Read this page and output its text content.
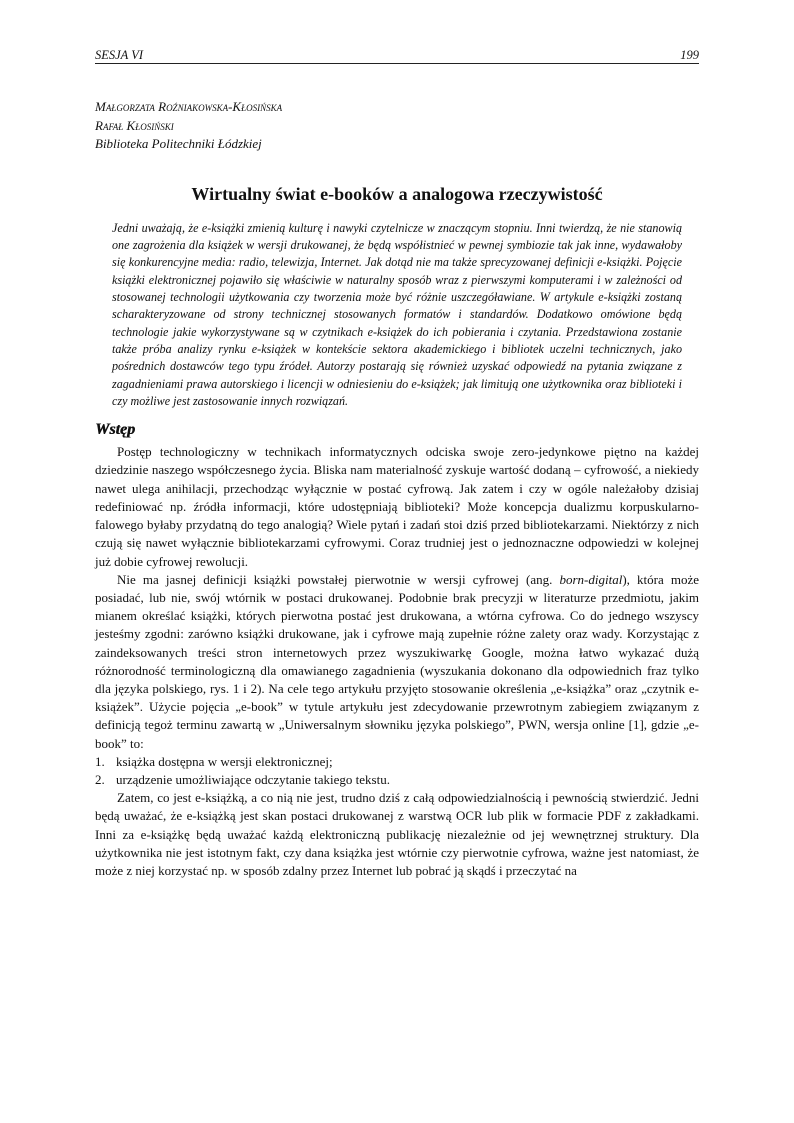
SESJA VI	199
Małgorzata Roźniakowska-Kłosińska
Rafał Kłosiński
Biblioteka Politechniki Łódzkiej
Wirtualny świat e-booków a analogowa rzeczywistość
Jedni uważają, że e-książki zmienią kulturę i nawyki czytelnicze w znaczącym stopniu. Inni twierdzą, że nie stanowią one zagrożenia dla książek w wersji drukowanej, że będą współistnieć w pewnej symbiozie tak jak inne, wydawałoby się konkurencyjne media: radio, telewizja, Internet. Jak dotąd nie ma także sprecyzowanej definicji e-książki. Pojęcie książki elektronicznej pojawiło się właściwie w naturalny sposób wraz z pierwszymi komputerami i w zależności od stosowanej technologii użytkowania czy tworzenia może być różnie uszczegóławiane. W artykule e-książki zostaną scharakteryzowane od strony technicznej stosowanych formatów i standardów. Dodatkowo omówione będą technologie jakie wykorzystywane są w czytnikach e-książek do ich pobierania i czytania. Przedstawiona zostanie także próba analizy rynku e-książek w kontekście sektora akademickiego i bibliotek uczelni technicznych, jako pośrednich dostawców tego typu źródeł. Autorzy postarają się również uzyskać odpowiedź na pytania związane z zagadnieniami prawa autorskiego i licencji w odniesieniu do e-książek; jak limitują one użytkownika oraz biblioteki i czy możliwe jest zastosowanie innych rozwiązań.
Wstęp

Postęp technologiczny w technikach informatycznych odciska swoje zero-jedynkowe piętno na każdej dziedzinie naszego współczesnego życia. Bliska nam materialność zyskuje wartość dodaną – cyfrowość, a niekiedy nawet ulega anihilacji, przechodząc wyłącznie w postać cyfrową. Jak zatem i czy w ogóle należałoby dzisiaj redefiniować np. źródła informacji, które udostępniają biblioteki? Może koncepcja dualizmu korpuskularno-falowego byłaby przydatną do tego analogią? Wiele pytań i zadań stoi dziś przed bibliotekarzami. Niektórzy z nich czują się nawet wyłącznie bibliotekarzami cyfrowymi. Coraz trudniej jest o jednoznaczne odpowiedzi w kolejnej już dobie cyfrowej rewolucji.

Nie ma jasnej definicji książki powstałej pierwotnie w wersji cyfrowej (ang. born-digital), która może posiadać, lub nie, swój wtórnik w postaci drukowanej. Podobnie brak precyzji w literaturze przedmiotu, jakim mianem określać książki, których pierwotna postać jest drukowana, a wtórna cyfrowa. Co do jednego wszyscy jesteśmy zgodni: zarówno książki drukowane, jak i cyfrowe mają zupełnie różne zalety oraz wady. Korzystając z zaindeksowanych treści stron internetowych przez wyszukiwarkę Google, można łatwo wykazać dużą różnorodność terminologiczną dla omawianego zagadnienia (wyszukania dokonano dla odpowiednich fraz tylko dla języka polskiego, rys. 1 i 2). Na cele tego artykułu przyjęto stosowanie określenia „e-książka” oraz „czytnik e-książek”. Użycie pojęcia „e-book” w tytule artykułu jest zdecydowanie przewrotnym zabiegiem związanym z definicją tegoż terminu zawartą w „Uniwersalnym słowniku języka polskiego”, PWN, wersja online [1], gdzie „e-book” to:

1. książka dostępna w wersji elektronicznej;
2. urządzenie umożliwiające odczytanie takiego tekstu.

Zatem, co jest e-książką, a co nią nie jest, trudno dziś z całą odpowiedzialnością i pewnością stwierdzić. Jedni będą uważać, że e-książką jest skan postaci drukowanej z warstwą OCR lub plik w formacie PDF z zakładkami. Inni za e-książkę będą uważać każdą elektroniczną publikację niezależnie od jej wewnętrznej struktury. Dla użytkownika nie jest istotnym fakt, czy dana książka jest wtórnie czy pierwotnie cyfrowa, ważne jest natomiast, że może z niej korzystać np. w sposób zdalny przez Internet lub pobrać ją skądś i przeczytać na
